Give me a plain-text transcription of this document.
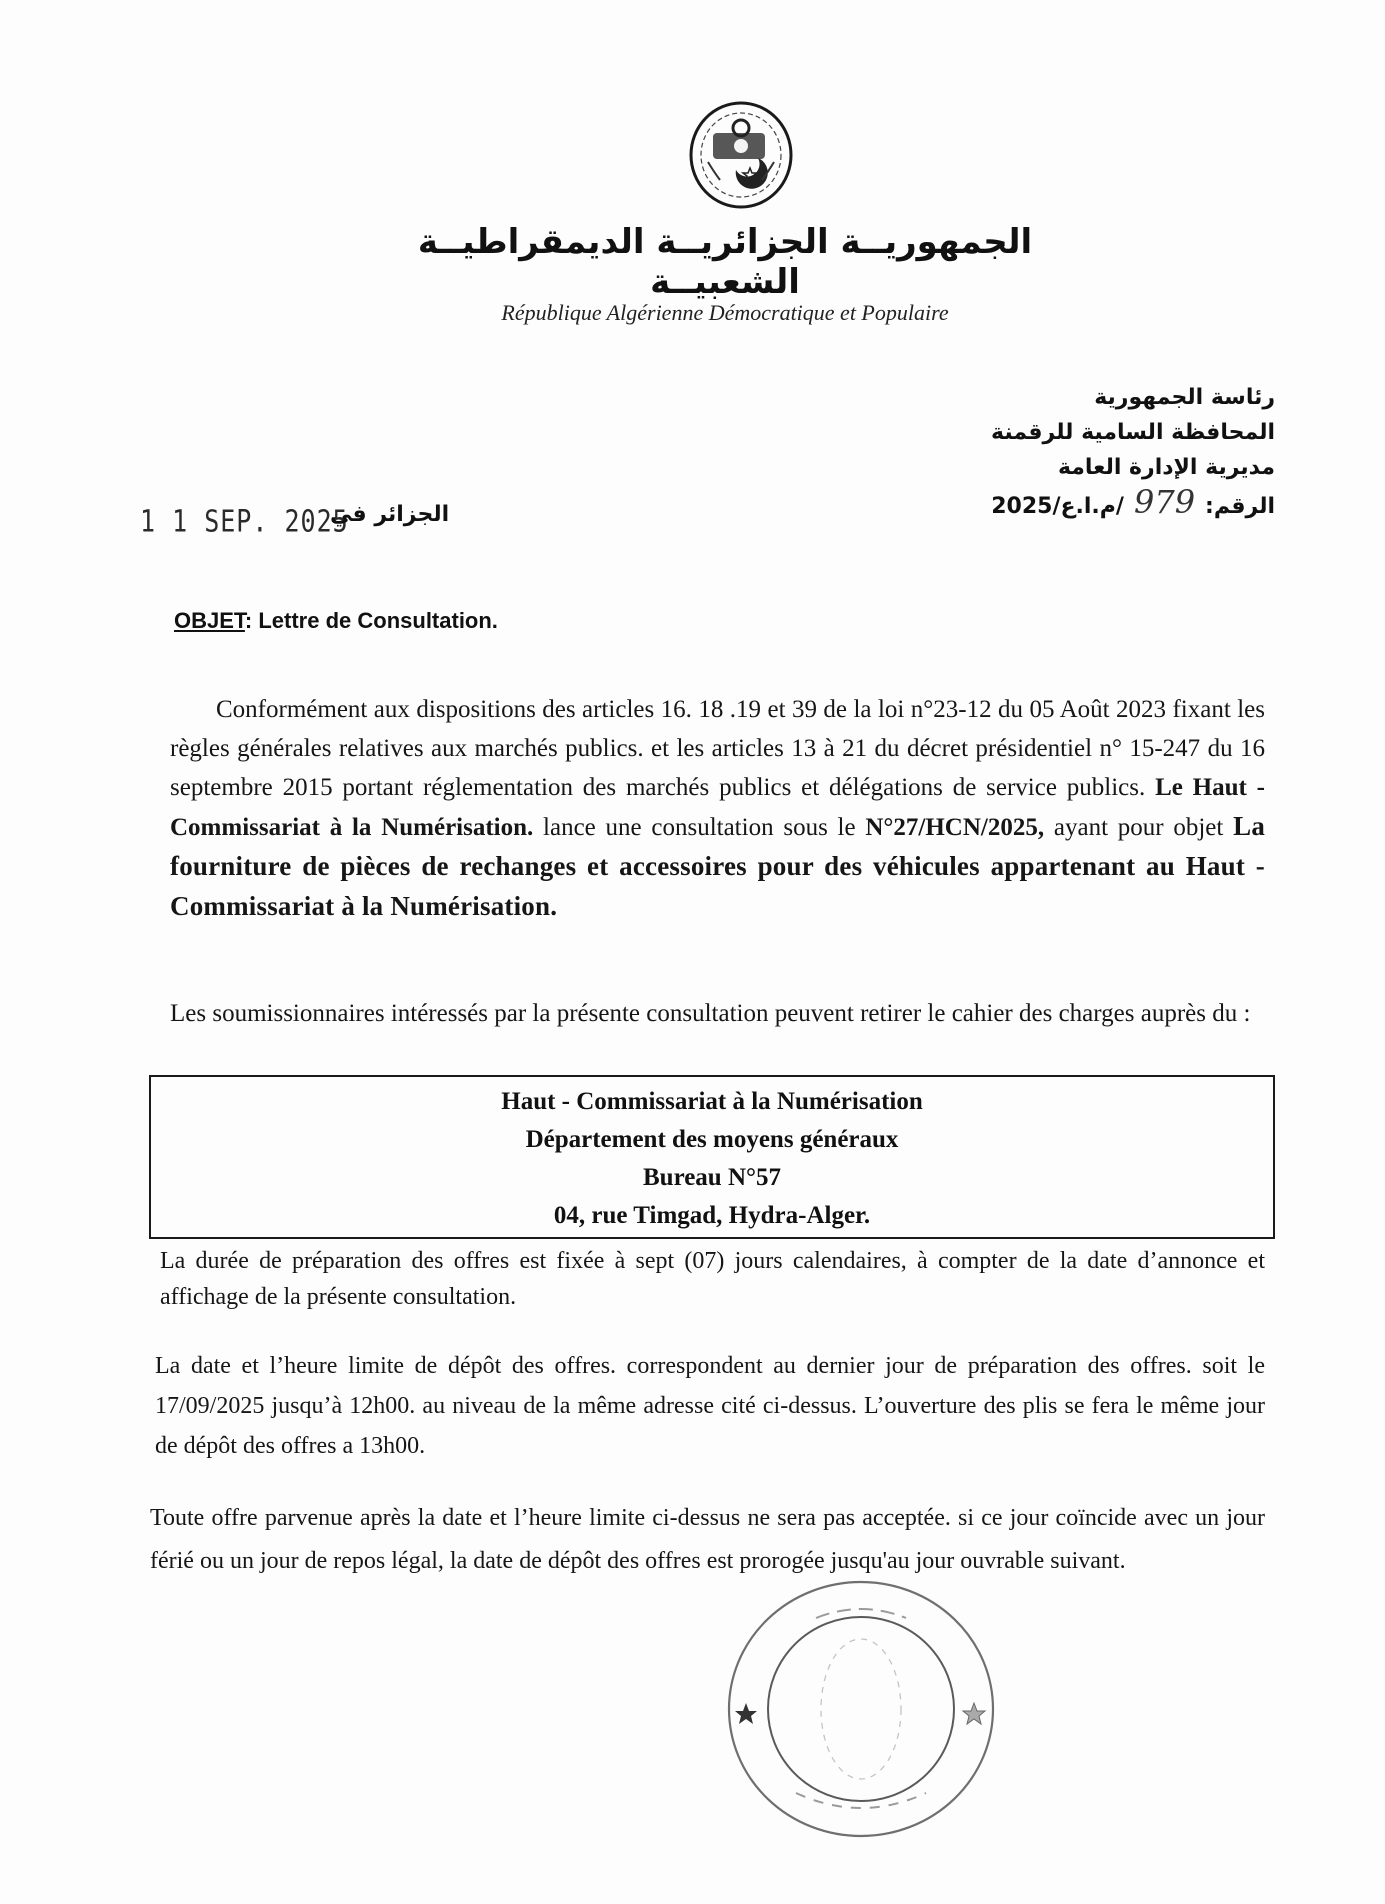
الجمهوريــة الجزائريــة الديمقراطيــة الشعبيــة
République Algérienne Démocratique et Populaire
رئاسة الجمهورية
المحافظة السامية للرقمنة
مديرية الإدارة العامة
الرقم:
979
م.ا.ع/2025/
1 1 SEP. 2025
الجزائر في
OBJET: Lettre de Consultation.
Conformément aux dispositions des articles 16. 18 .19 et 39 de la loi n°23-12 du 05 Août 2023 fixant les règles générales relatives aux marchés publics. et les articles 13 à 21 du décret présidentiel n° 15-247 du 16 septembre 2015 portant réglementation des marchés publics et délégations de service publics. Le Haut - Commissariat à la Numérisation. lance une consultation sous le N°27/HCN/2025, ayant pour objet La fourniture de pièces de rechanges et accessoires pour des véhicules appartenant au Haut - Commissariat à la Numérisation.
Les soumissionnaires intéressés par la présente consultation peuvent retirer le cahier des charges auprès du :
Haut - Commissariat à la Numérisation
Département des moyens généraux
Bureau N°57
04, rue Timgad, Hydra-Alger.
La durée de préparation des offres est fixée à sept (07) jours calendaires, à compter de la date d’annonce et affichage de la présente consultation.
La date et l’heure limite de dépôt des offres. correspondent au dernier jour de préparation des offres. soit le 17/09/2025 jusqu’à 12h00. au niveau de la même adresse cité ci-dessus. L’ouverture des plis se fera le même jour de dépôt des offres a 13h00.
Toute offre parvenue après la date et l’heure limite ci-dessus ne sera pas acceptée. si ce jour coïncide avec un jour férié ou un jour de repos légal, la date de dépôt des offres est prorogée jusqu'au jour ouvrable suivant.
